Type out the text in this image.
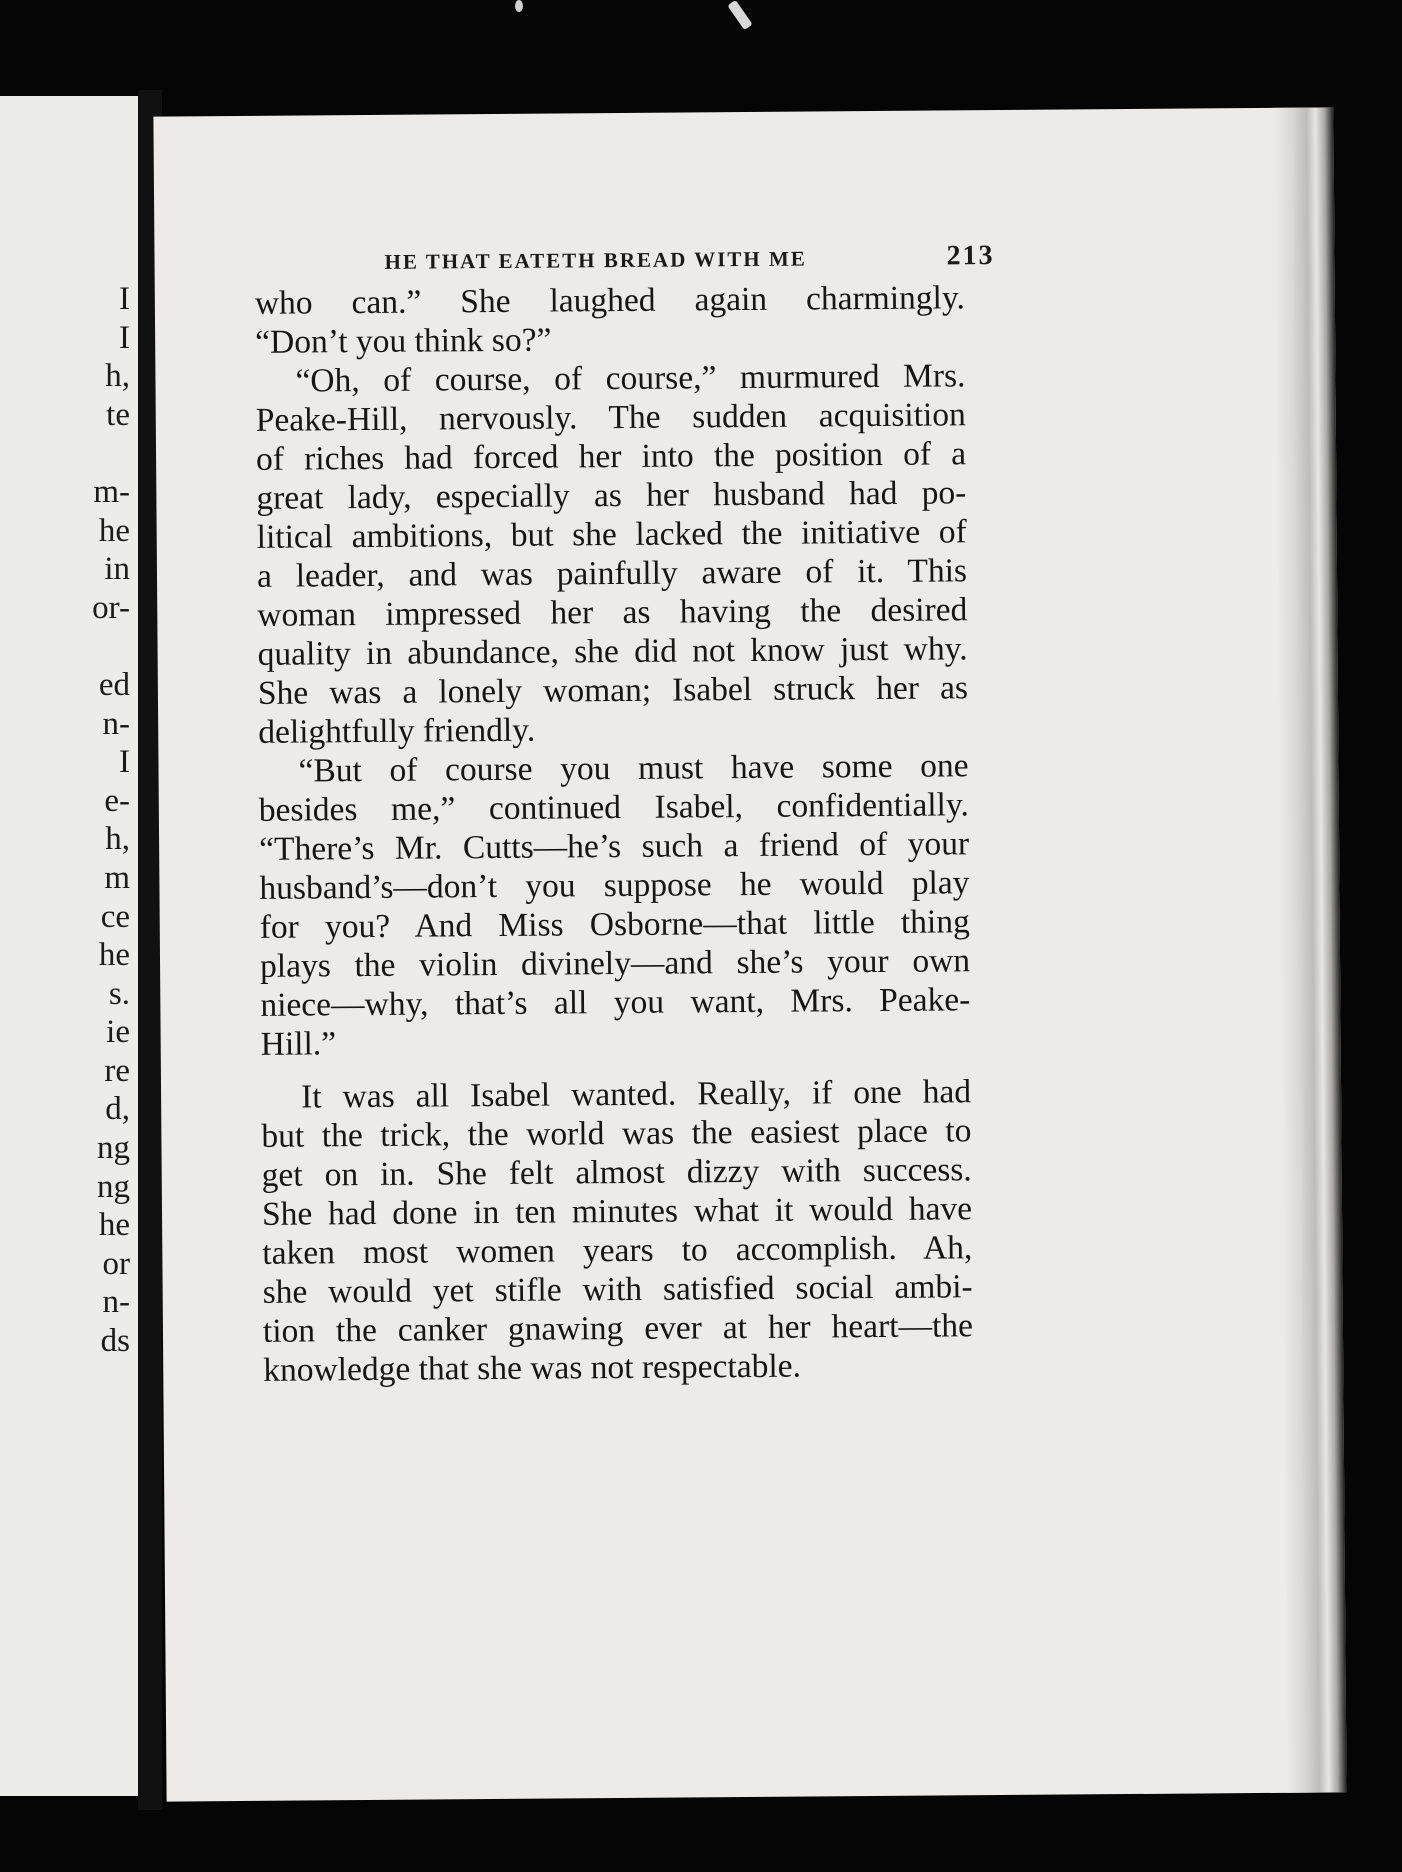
I
I
h,
te
m-
he
in
or-
ed
n-
I
e-
h,
m
ce
he
s.
ie
re
d,
ng
ng
he
or
n-
ds
HE THAT EATETH BREAD WITH ME	213
who can.” She laughed again charmingly.
“Don’t you think so?”
“Oh, of course, of course,” murmured Mrs.
Peake-Hill, nervously. The sudden acquisition
of riches had forced her into the position of a
great lady, especially as her husband had po-
litical ambitions, but she lacked the initiative of
a leader, and was painfully aware of it. This
woman impressed her as having the desired
quality in abundance, she did not know just why.
She was a lonely woman; Isabel struck her as
delightfully friendly.
“But of course you must have some one
besides me,” continued Isabel, confidentially.
“There’s Mr. Cutts—he’s such a friend of your
husband’s—don’t you suppose he would play
for you? And Miss Osborne—that little thing
plays the violin divinely—and she’s your own
niece—why, that’s all you want, Mrs. Peake-
Hill.”
It was all Isabel wanted. Really, if one had
but the trick, the world was the easiest place to
get on in. She felt almost dizzy with success.
She had done in ten minutes what it would have
taken most women years to accomplish. Ah,
she would yet stifle with satisfied social ambi-
tion the canker gnawing ever at her heart—the
knowledge that she was not respectable.
